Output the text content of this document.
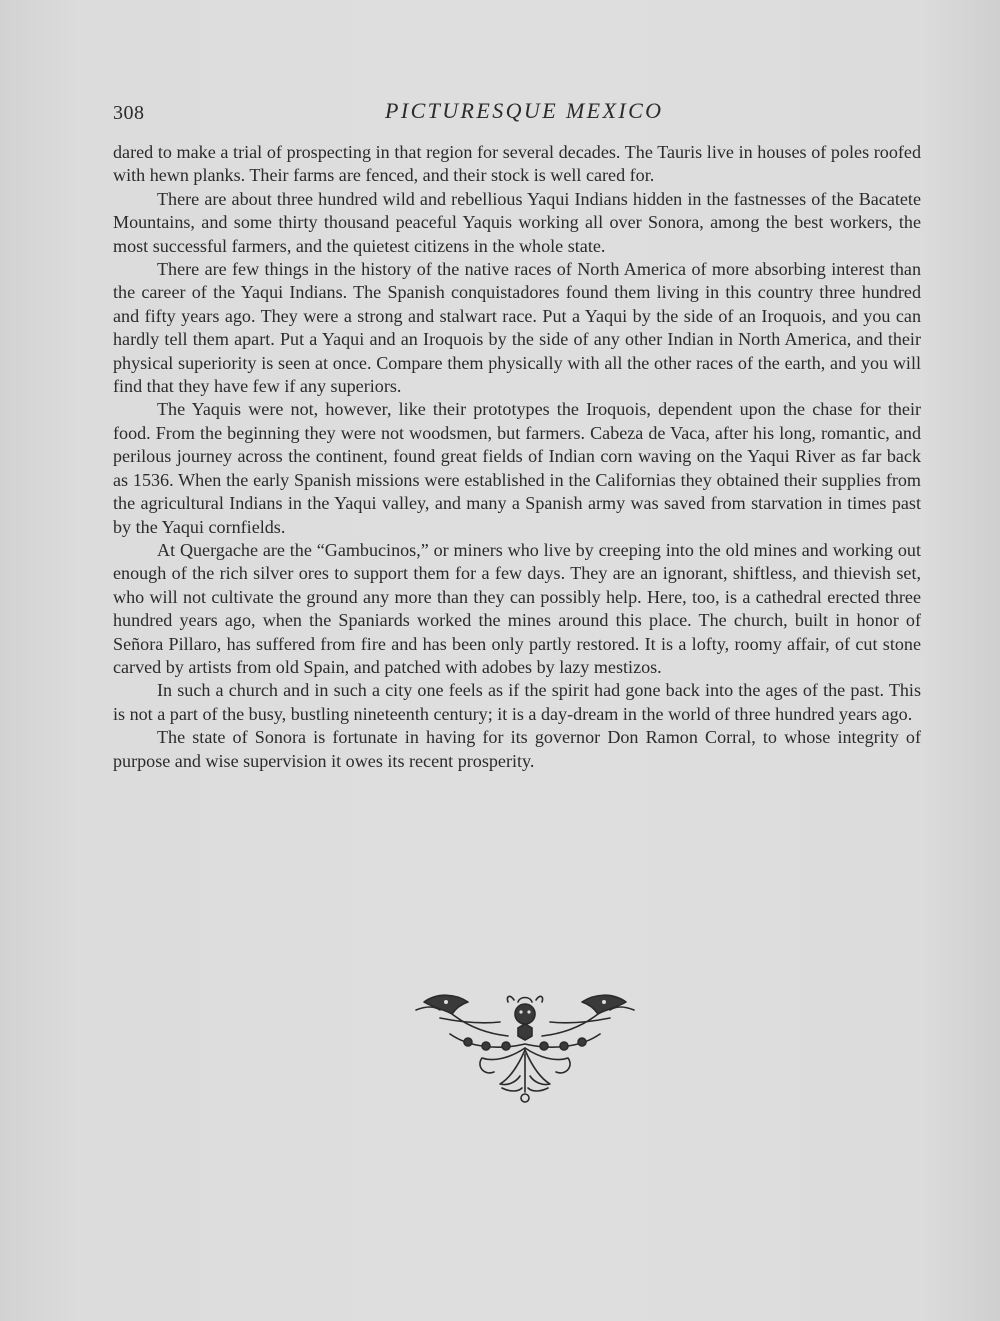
308	PICTURESQUE MEXICO

dared to make a trial of prospecting in that region for several decades. The Tauris live in houses of poles roofed with hewn planks. Their farms are fenced, and their stock is well cared for.

There are about three hundred wild and rebellious Yaqui Indians hidden in the fastnesses of the Bacatete Mountains, and some thirty thousand peaceful Yaquis working all over Sonora, among the best workers, the most successful farmers, and the quietest citizens in the whole state.

There are few things in the history of the native races of North America of more absorbing interest than the career of the Yaqui Indians. The Spanish conquistadores found them living in this country three hundred and fifty years ago. They were a strong and stalwart race. Put a Yaqui by the side of an Iroquois, and you can hardly tell them apart. Put a Yaqui and an Iroquois by the side of any other Indian in North America, and their physical superiority is seen at once. Compare them physically with all the other races of the earth, and you will find that they have few if any superiors.

The Yaquis were not, however, like their prototypes the Iroquois, dependent upon the chase for their food. From the beginning they were not woodsmen, but farmers. Cabeza de Vaca, after his long, romantic, and perilous journey across the continent, found great fields of Indian corn waving on the Yaqui River as far back as 1536. When the early Spanish missions were established in the Californias they obtained their supplies from the agricultural Indians in the Yaqui valley, and many a Spanish army was saved from starvation in times past by the Yaqui cornfields.

At Quergache are the “Gambucinos,” or miners who live by creeping into the old mines and working out enough of the rich silver ores to support them for a few days. They are an ignorant, shiftless, and thievish set, who will not cultivate the ground any more than they can possibly help. Here, too, is a cathedral erected three hundred years ago, when the Spaniards worked the mines around this place. The church, built in honor of Señora Pillaro, has suffered from fire and has been only partly restored. It is a lofty, roomy affair, of cut stone carved by artists from old Spain, and patched with adobes by lazy mestizos.

In such a church and in such a city one feels as if the spirit had gone back into the ages of the past. This is not a part of the busy, bustling nineteenth century; it is a day-dream in the world of three hundred years ago.

The state of Sonora is fortunate in having for its governor Don Ramon Corral, to whose integrity of purpose and wise supervision it owes its recent prosperity.
